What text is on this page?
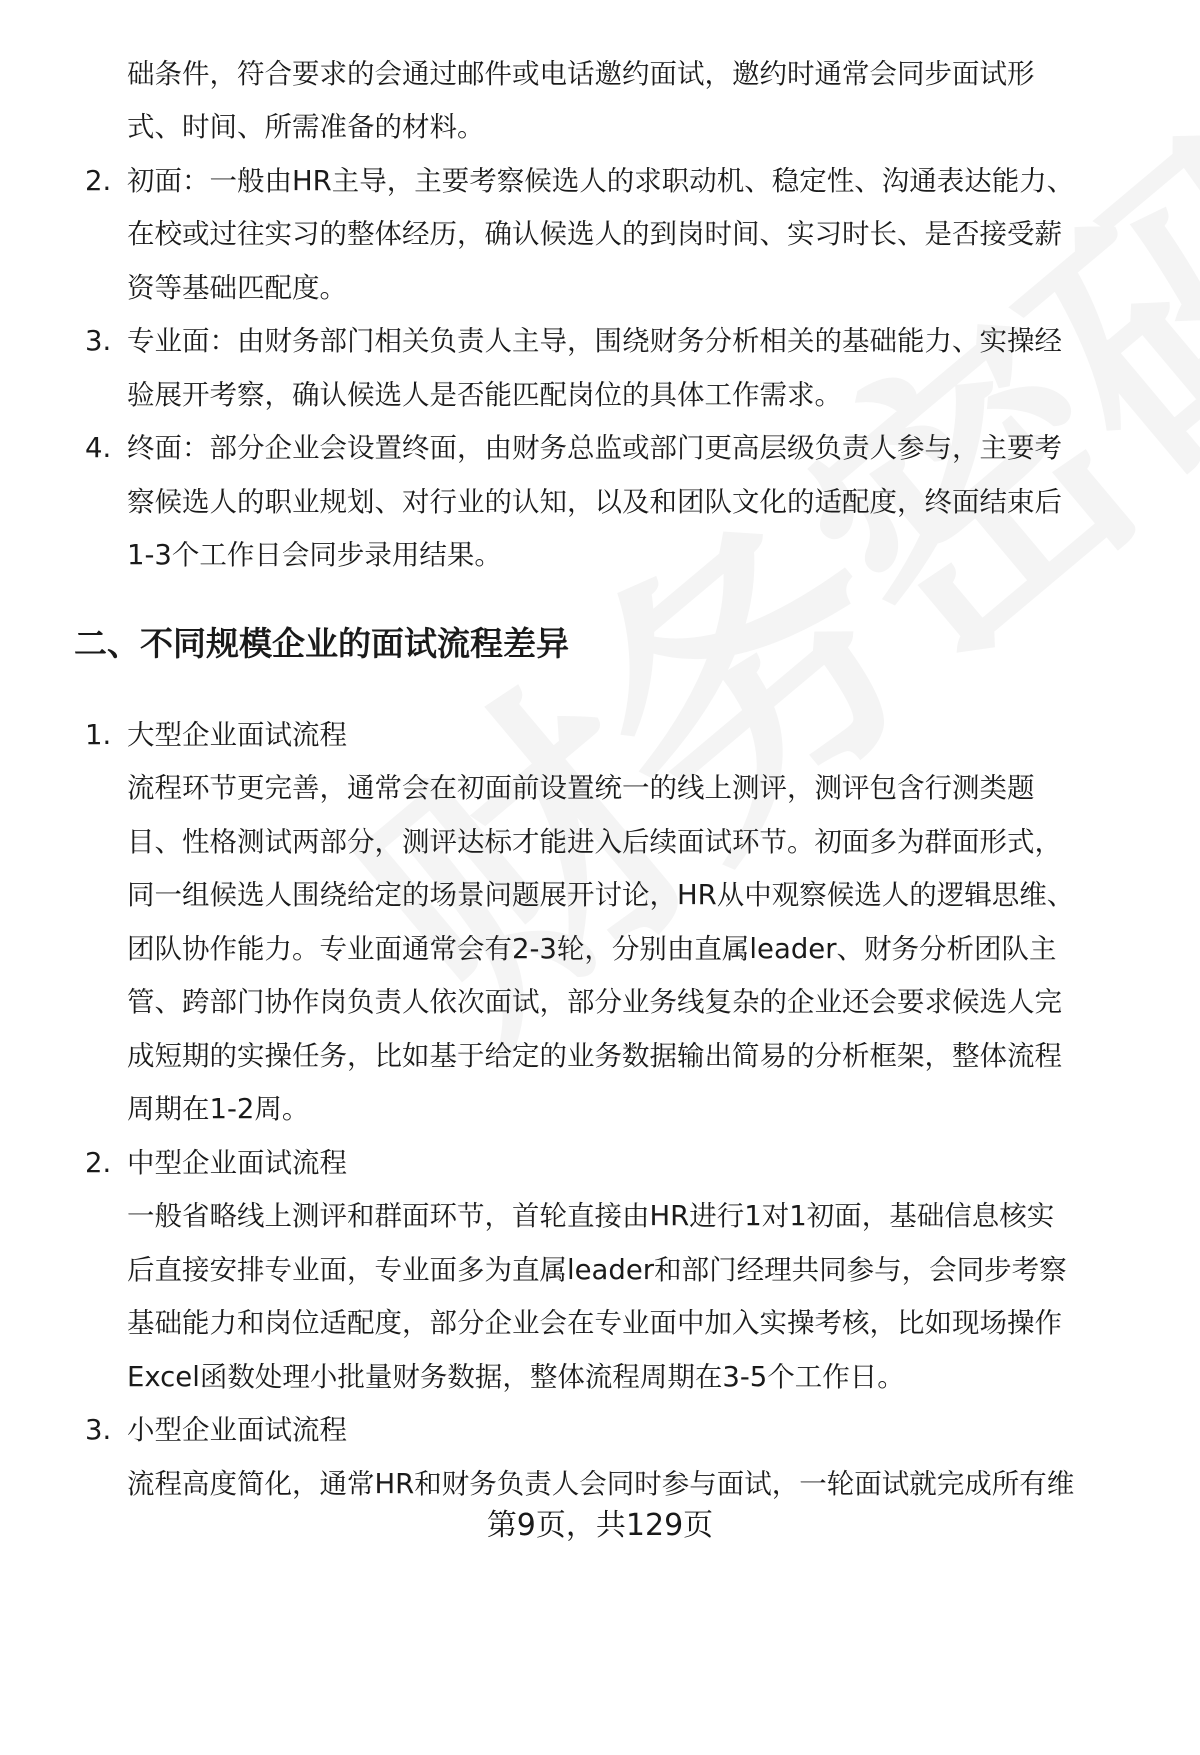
础条件，符合要求的会通过邮件或电话邀约面试，邀约时通常会同步面试形
式、时间、所需准备的材料。
2. 初面：一般由HR主导，主要考察候选人的求职动机、稳定性、沟通表达能力、
在校或过往实习的整体经历，确认候选人的到岗时间、实习时长、是否接受薪
资等基础匹配度。
3. 专业面：由财务部门相关负责人主导，围绕财务分析相关的基础能力、实操经
验展开考察，确认候选人是否能匹配岗位的具体工作需求。
4. 终面：部分企业会设置终面，由财务总监或部门更高层级负责人参与，主要考
察候选人的职业规划、对行业的认知，以及和团队文化的适配度，终面结束后
1-3个工作日会同步录用结果。
二、不同规模企业的面试流程差异
1. 大型企业面试流程
流程环节更完善，通常会在初面前设置统一的线上测评，测评包含行测类题
目、性格测试两部分，测评达标才能进入后续面试环节。初面多为群面形式，
同一组候选人围绕给定的场景问题展开讨论，HR从中观察候选人的逻辑思维、
团队协作能力。专业面通常会有2-3轮，分别由直属leader、财务分析团队主
管、跨部门协作岗负责人依次面试，部分业务线复杂的企业还会要求候选人完
成短期的实操任务，比如基于给定的业务数据输出简易的分析框架，整体流程
周期在1-2周。
2. 中型企业面试流程
一般省略线上测评和群面环节，首轮直接由HR进行1对1初面，基础信息核实
后直接安排专业面，专业面多为直属leader和部门经理共同参与，会同步考察
基础能力和岗位适配度，部分企业会在专业面中加入实操考核，比如现场操作
Excel函数处理小批量财务数据，整体流程周期在3-5个工作日。
3. 小型企业面试流程
流程高度简化，通常HR和财务负责人会同时参与面试，一轮面试就完成所有维
第9页，共129页
